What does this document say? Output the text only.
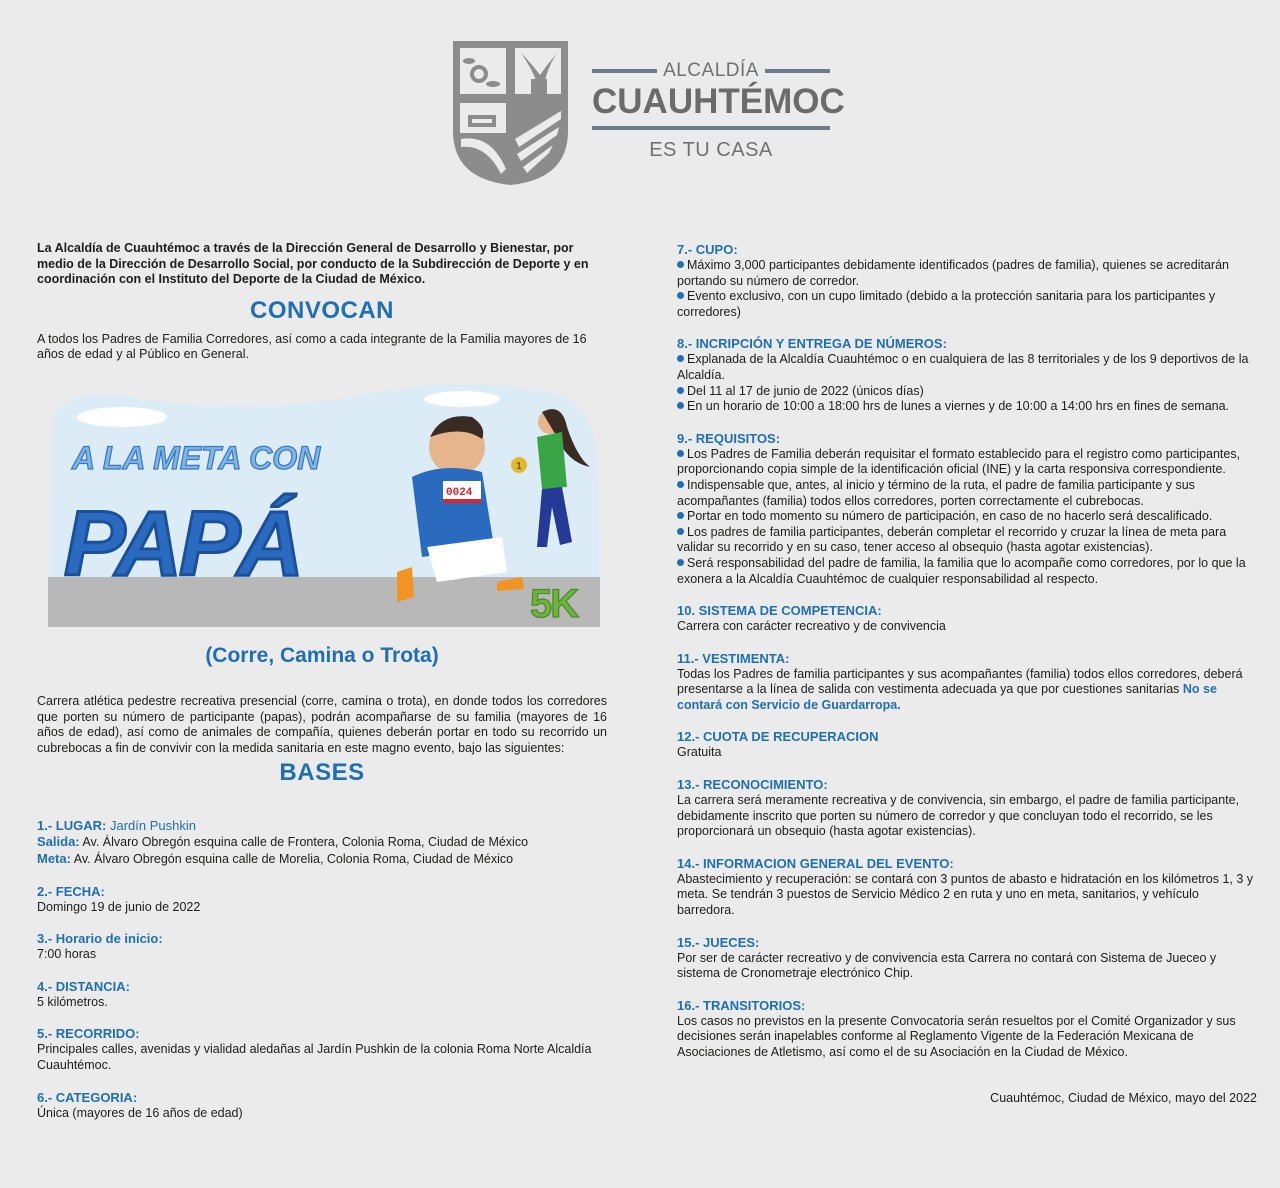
ALCALDÍA
CUAUHTÉMOC
ES TU CASA

La Alcaldía de Cuauhtémoc a través de la Dirección General de Desarrollo y Bienestar, por medio de la Dirección de Desarrollo Social, por conducto de la Subdirección de Deporte y en coordinación con el Instituto del Deporte de la Ciudad de México.

CONVOCAN

A todos los Padres de Familia Corredores, así como a cada integrante de la Familia mayores de 16 años de edad y al Público en General.

A LA META CON
PAPÁ	0024
1
5K
(Corre, Camina o Trota)

Carrera atlética pedestre recreativa presencial (corre, camina o trota), en donde todos los corredores que porten su número de participante (papas), podrán acompañarse de su familia (mayores de 16 años de edad), así como de animales de compañía, quienes deberán portar en todo su recorrido un cubrebocas a fin de convivir con la medida sanitaria en este magno evento, bajo las siguientes:

BASES

1.- LUGAR: Jardín Pushkin

Salida: Av. Álvaro Obregón esquina calle de Frontera, Colonia Roma, Ciudad de México

Meta: Av. Álvaro Obregón esquina calle de Morelia, Colonia Roma, Ciudad de México

2.- FECHA:

Domingo 19 de junio de 2022

3.- Horario de inicio:

7:00 horas

4.- DISTANCIA:

5 kilómetros.

5.- RECORRIDO:

Principales calles, avenidas y vialidad aledañas al Jardín Pushkin de la colonia Roma Norte Alcaldía Cuauhtémoc.

6.- CATEGORIA:

Única (mayores de 16 años de edad)

7.- CUPO:

Máximo 3,000 participantes debidamente identificados (padres de familia), quienes se acreditarán portando su número de corredor.

Evento exclusivo, con un cupo limitado (debido a la protección sanitaria para los participantes y corredores)

8.- INCRIPCIÓN Y ENTREGA DE NÚMEROS:

Explanada de la Alcaldía Cuauhtémoc o en cualquiera de las 8 territoriales y de los 9 deportivos de la Alcaldía.

Del 11 al 17 de junio de 2022 (únicos días)

En un horario de 10:00 a 18:00 hrs de lunes a viernes y de 10:00 a 14:00 hrs en fines de semana.

9.- REQUISITOS:

Los Padres de Familia deberán requisitar el formato establecido para el registro como participantes, proporcionando copia simple de la identificación oficial (INE) y la carta responsiva correspondiente.

Indispensable que, antes, al inicio y término de la ruta, el padre de familia participante y sus acompañantes (familia) todos ellos corredores, porten correctamente el cubrebocas.

Portar en todo momento su número de participación, en caso de no hacerlo será descalificado.

Los padres de familia participantes, deberán completar el recorrido y cruzar la línea de meta para validar su recorrido y en su caso, tener acceso al obsequio (hasta agotar existencias).

Será responsabilidad del padre de familia, la familia que lo acompañe como corredores, por lo que la exonera a la Alcaldía Cuauhtémoc de cualquier responsabilidad al respecto.

10. SISTEMA DE COMPETENCIA:

Carrera con carácter recreativo y de convivencia

11.- VESTIMENTA:

Todas los Padres de familia participantes y sus acompañantes (familia) todos ellos corredores, deberá presentarse a la línea de salida con vestimenta adecuada ya que por cuestiones sanitarias No se contará con Servicio de Guardarropa.

12.- CUOTA DE RECUPERACION

Gratuita

13.- RECONOCIMIENTO:

La carrera será meramente recreativa y de convivencia, sin embargo, el padre de familia participante, debidamente inscrito que porten su número de corredor y que concluyan todo el recorrido, se les proporcionará un obsequio (hasta agotar existencias).

14.- INFORMACION GENERAL DEL EVENTO:

Abastecimiento y recuperación: se contará con 3 puntos de abasto e hidratación en los kilómetros 1, 3 y meta. Se tendrán 3 puestos de Servicio Médico 2 en ruta y uno en meta, sanitarios, y vehículo barredora.

15.- JUECES:

Por ser de carácter recreativo y de convivencia esta Carrera no contará con Sistema de Jueceo y sistema de Cronometraje electrónico Chip.

16.- TRANSITORIOS:

Los casos no previstos en la presente Convocatoria serán resueltos por el Comité Organizador y sus decisiones serán inapelables conforme al Reglamento Vigente de la Federación Mexicana de Asociaciones de Atletismo, así como el de su Asociación en la Ciudad de México.

Cuauhtémoc, Ciudad de México, mayo del 2022
